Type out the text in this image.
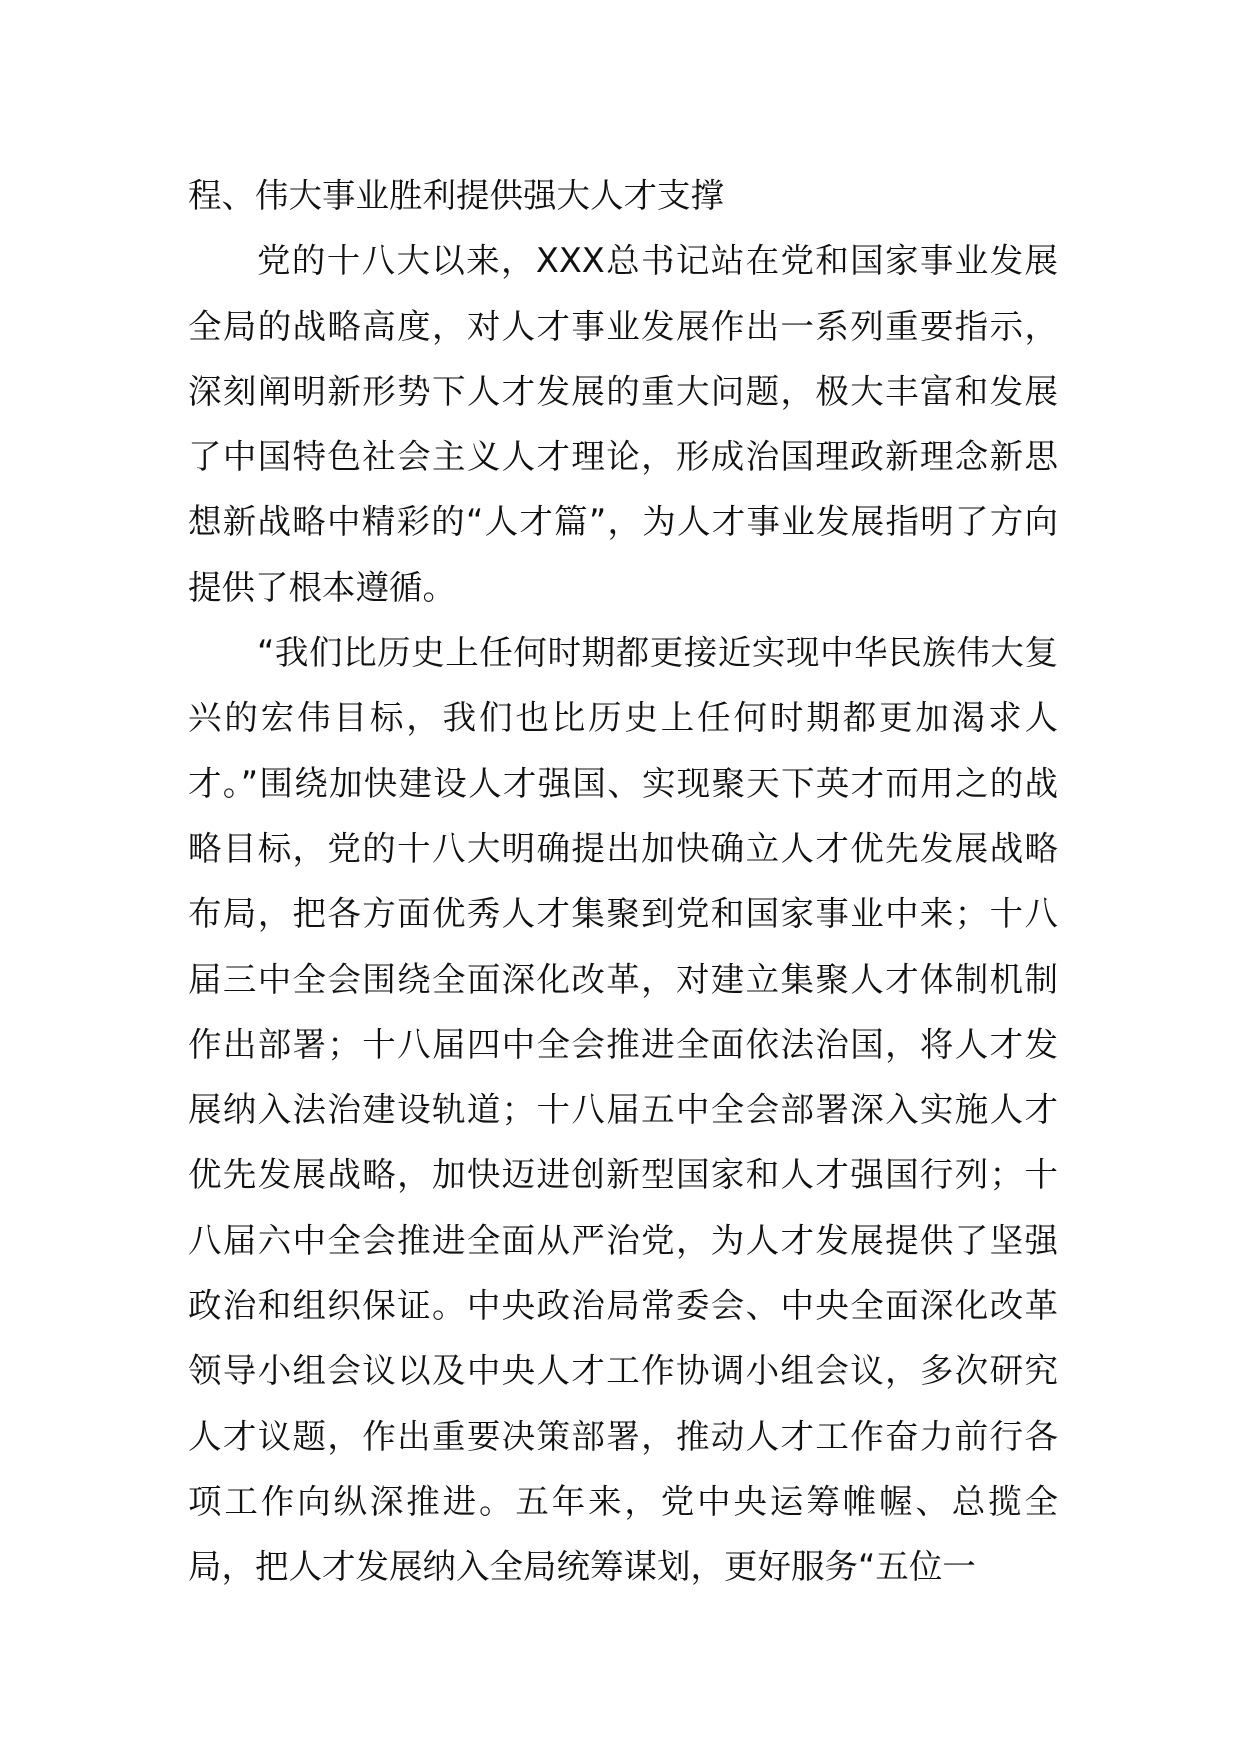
程、伟大事业胜利提供强大人才支撑

党的十八大以来，XXX总书记站在党和国家事业发展全局的战略高度，对人才事业发展作出一系列重要指示，深刻阐明新形势下人才发展的重大问题，极大丰富和发展了中国特色社会主义人才理论，形成治国理政新理念新思想新战略中精彩的“人才篇”，为人才事业发展指明了方向提供了根本遵循。

“我们比历史上任何时期都更接近实现中华民族伟大复兴的宏伟目标，我们也比历史上任何时期都更加渴求人才。”围绕加快建设人才强国、实现聚天下英才而用之的战略目标，党的十八大明确提出加快确立人才优先发展战略布局，把各方面优秀人才集聚到党和国家事业中来；十八届三中全会围绕全面深化改革，对建立集聚人才体制机制作出部署；十八届四中全会推进全面依法治国，将人才发展纳入法治建设轨道；十八届五中全会部署深入实施人才优先发展战略，加快迈进创新型国家和人才强国行列；十八届六中全会推进全面从严治党，为人才发展提供了坚强政治和组织保证。中央政治局常委会、中央全面深化改革领导小组会议以及中央人才工作协调小组会议，多次研究人才议题，作出重要决策部署，推动人才工作奋力前行各项工作向纵深推进。五年来，党中央运筹帷幄、总揽全局，把人才发展纳入全局统筹谋划，更好服务“五位一
